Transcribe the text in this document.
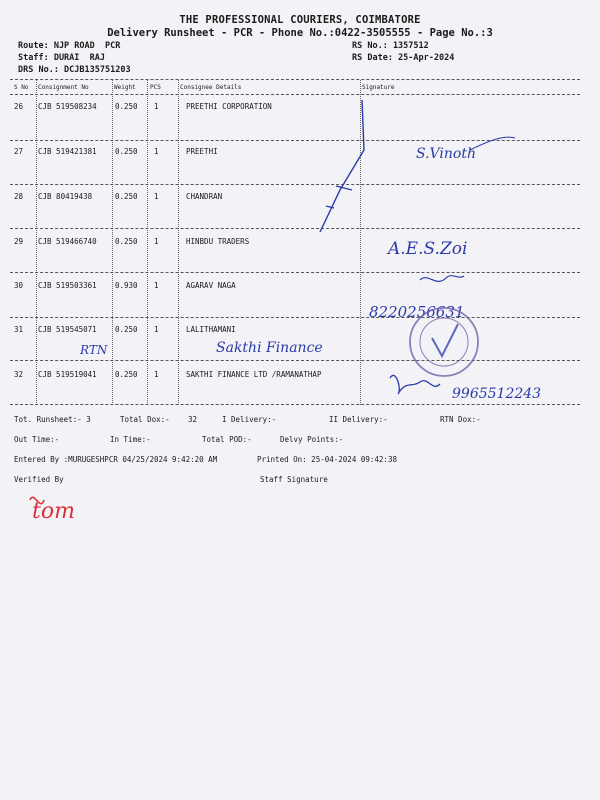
THE PROFESSIONAL COURIERS, COIMBATORE
Delivery Runsheet - PCR - Phone No.:0422-3505555 - Page No.:3
Route: NJP ROAD  PCR
Staff: DURAI  RAJ
DRS No.: DCJB135751203
RS No.: 1357512
RS Date: 25-Apr-2024
S No Consignment No	Weight PCS	Consignee Details	Signature
26 CJB 519508234 0.250 1	PREETHI CORPORATION
27 CJB 519421381 0.250 1	PREETHI
28 CJB 80419438	0.250 1	CHANDRAN
29 CJB 519466740 0.250 1	HINBDU TRADERS
30 CJB 519503361 0.930 1	AGARAV NAGA
31 CJB 519545071 0.250 1	LALITHAMANI
32 CJB 519519041 0.250 1	SAKTHI FINANCE LTD /RAMANATHAP
Tot. Runsheet:- 3	Total Dox:- 32	I Delivery:-	II Delivery:-	RTN Dox:-
Out Time:-	In Time:-	Total POD:-	Delvy Points:-
Entered By :MURUGESHPCR 04/25/2024 9:42:20 AM	Printed On: 25-04-2024 09:42:38
Verified By	Staff Signature
S.Vinoth
A.E.S.Zoi
8220256631
RTN	Sakthi Finance
9965512243
tom
